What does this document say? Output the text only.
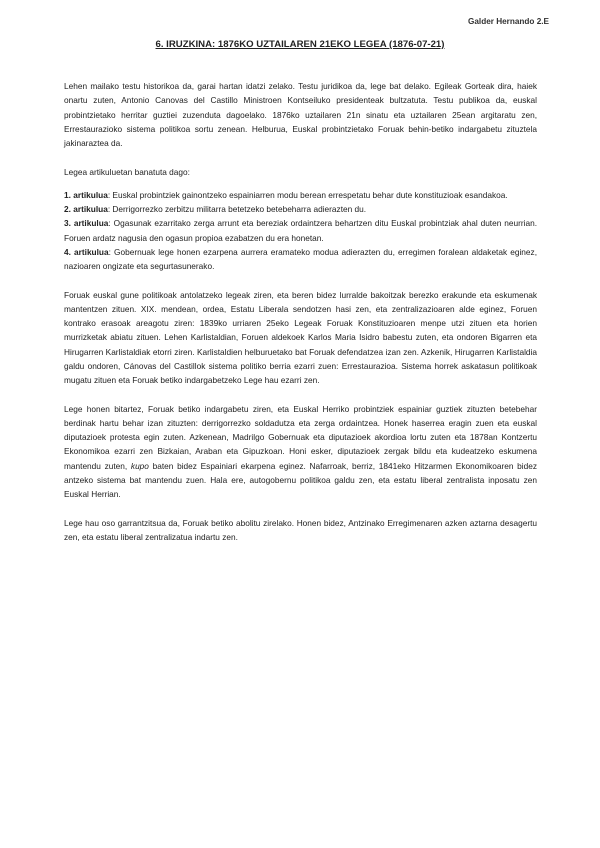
Galder Hernando 2.E
6. IRUZKINA: 1876KO UZTAILAREN 21EKO LEGEA (1876-07-21)

Lehen mailako testu historikoa da, garai hartan idatzi zelako. Testu juridikoa da, lege bat delako. Egileak Gorteak dira, haiek onartu zuten, Antonio Canovas del Castillo Ministroen Kontseiluko presidenteak bultzatuta. Testu publikoa da, euskal probintzietako herritar guztiei zuzenduta dagoelako. 1876ko uztailaren 21n sinatu eta uztailaren 25ean argitaratu zen, Errestaurazioko sistema politikoa sortu zenean. Helburua, Euskal probintzietako Foruak behin-betiko indargabetu zituztela jakinaraztea da.

Legea artikuluetan banatuta dago:

1. artikulua: Euskal probintziek gainontzeko espainiarren modu berean errespetatu behar dute konstituzioak esandakoa.

2. artikulua: Derrigorrezko zerbitzu militarra betetzeko betebeharra adierazten du.

3. artikulua: Ogasunak ezarritako zerga arrunt eta bereziak ordaintzera behartzen ditu Euskal probintziak ahal duten neurrian. Foruen ardatz nagusia den ogasun propioa ezabatzen du era honetan.

4. artikulua: Gobernuak lege honen ezarpena aurrera eramateko modua adierazten du, erregimen foralean aldaketak eginez, nazioaren ongizate eta segurtasunerako.

Foruak euskal gune politikoak antolatzeko legeak ziren, eta beren bidez lurralde bakoitzak berezko erakunde eta eskumenak mantentzen zituen. XIX. mendean, ordea, Estatu Liberala sendotzen hasi zen, eta zentralizazioaren alde eginez, Foruen kontrako erasoak areagotu ziren: 1839ko urriaren 25eko Legeak Foruak Konstituzioaren menpe utzi zituen eta horien murrizketak abiatu zituen. Lehen Karlistaldian, Foruen aldekoek Karlos Maria Isidro babestu zuten, eta ondoren Bigarren eta Hirugarren Karlistaldiak etorri ziren. Karlistaldien helburuetako bat Foruak defendatzea izan zen. Azkenik, Hirugarren Karlistaldia galdu ondoren, Cánovas del Castillok sistema politiko berria ezarri zuen: Errestaurazioa. Sistema horrek askatasun politikoak mugatu zituen eta Foruak betiko indargabetzeko Lege hau ezarri zen.

Lege honen bitartez, Foruak betiko indargabetu ziren, eta Euskal Herriko probintziek espainiar guztiek zituzten betebehar berdinak hartu behar izan zituzten: derrigorrezko soldadutza eta zerga ordaintzea. Honek haserrea eragin zuen eta euskal diputazioek protesta egin zuten. Azkenean, Madrilgo Gobernuak eta diputazioek akordioa lortu zuten eta 1878an Kontzertu Ekonomikoa ezarri zen Bizkaian, Araban eta Gipuzkoan. Honi esker, diputazioek zergak bildu eta kudeatzeko eskumena mantendu zuten, kupo baten bidez Espainiari ekarpena eginez. Nafarroak, berriz, 1841eko Hitzarmen Ekonomikoaren bidez antzeko sistema bat mantendu zuen. Hala ere, autogobernu politikoa galdu zen, eta estatu liberal zentralista inposatu zen Euskal Herrian.

Lege hau oso garrantzitsua da, Foruak betiko abolitu zirelako. Honen bidez, Antzinako Erregimenaren azken aztarna desagertu zen, eta estatu liberal zentralizatua indartu zen.
